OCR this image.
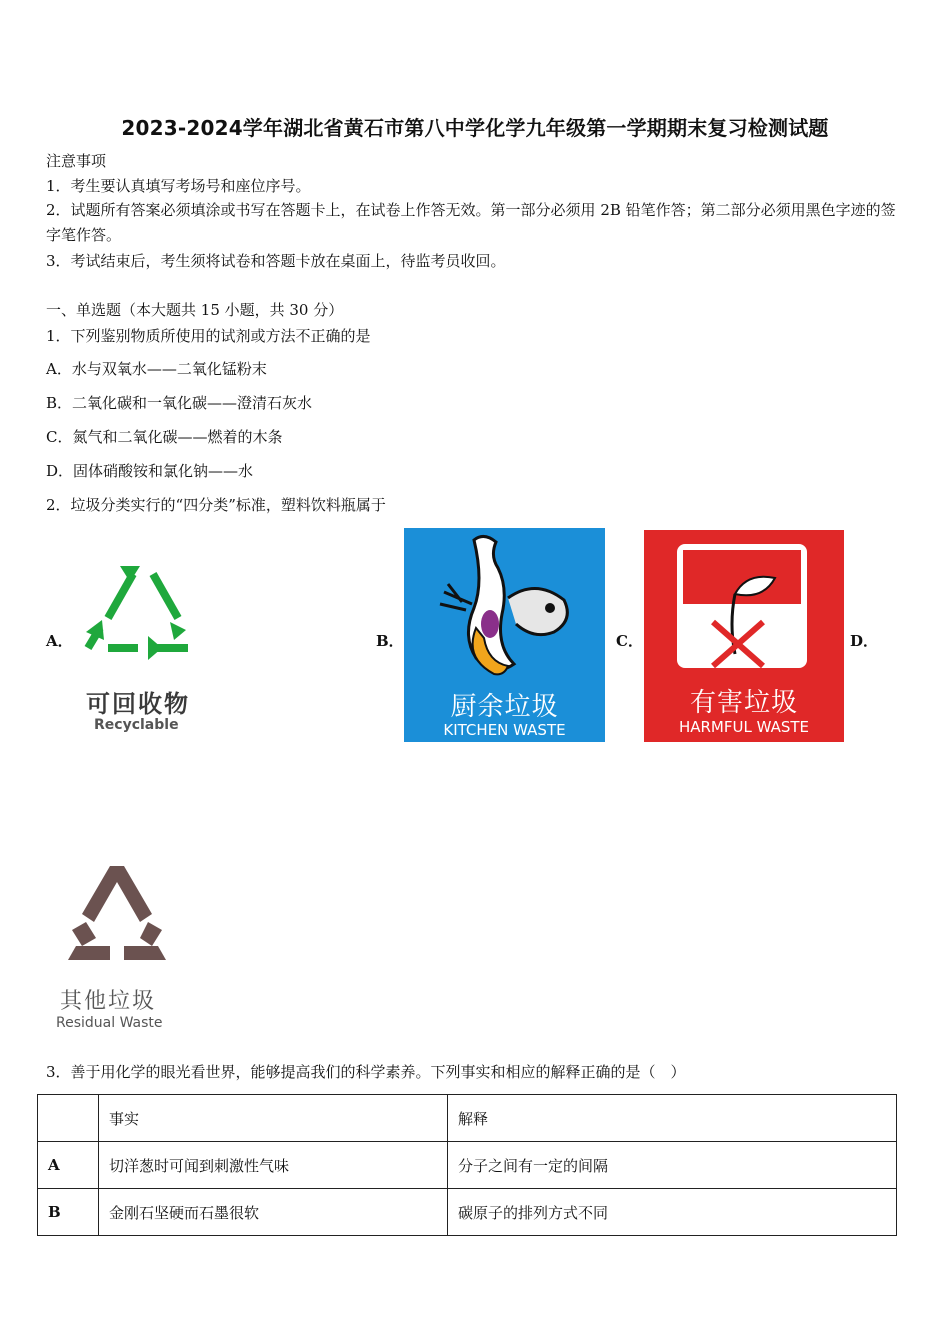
2023-2024学年湖北省黄石市第八中学化学九年级第一学期期末复习检测试题
注意事项
1．考生要认真填写考场号和座位序号。
2．试题所有答案必须填涂或书写在答题卡上，在试卷上作答无效。第一部分必须用 2B 铅笔作答；第二部分必须用黑色字迹的签字笔作答。
3．考试结束后，考生须将试卷和答题卡放在桌面上，待监考员收回。
一、单选题（本大题共 15 小题，共 30 分）
1．下列鉴别物质所使用的试剂或方法不正确的是
A．水与双氧水——二氧化锰粉末
B．二氧化碳和一氧化碳——澄清石灰水
C．氮气和二氧化碳——燃着的木条
D．固体硝酸铵和氯化钠——水
2．垃圾分类实行的“四分类”标准，塑料饮料瓶属于
A．	B．	C．	D．
可回收物
Recyclable
厨余垃圾
KITCHEN WASTE
有害垃圾
HARMFUL WASTE
其他垃圾
Residual Waste
3．善于用化学的眼光看世界，能够提高我们的科学素养。下列事实和相应的解释正确的是（　）
	事实	解释
A	切洋葱时可闻到刺激性气味	分子之间有一定的间隔
B	金刚石坚硬而石墨很软	碳原子的排列方式不同
